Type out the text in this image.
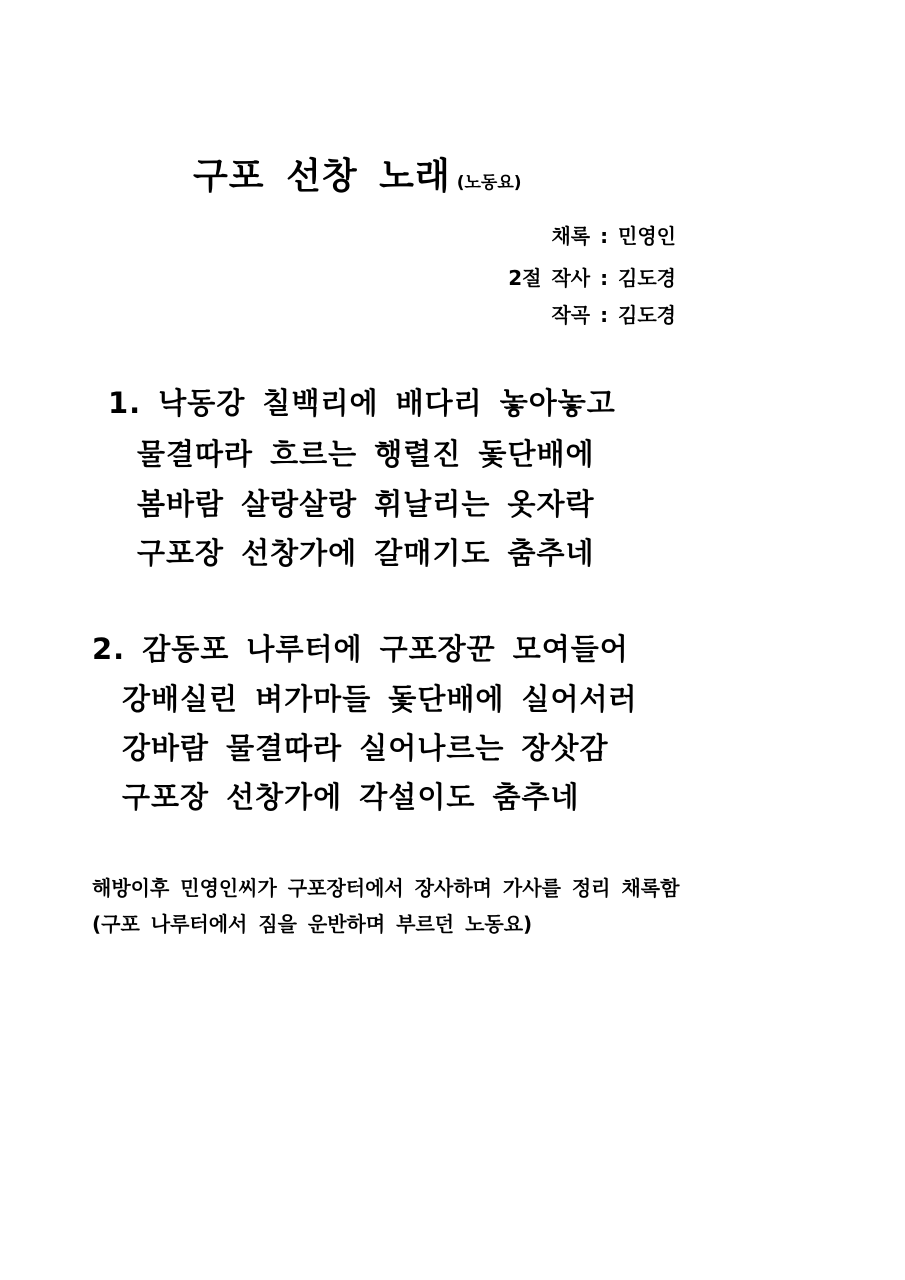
구포 선창 노래 (노동요)
채록 : 민영인
2절 작사 : 김도경
작곡 : 김도경
1. 낙동강 칠백리에 배다리 놓아놓고
물결따라 흐르는 행렬진 돛단배에
봄바람 살랑살랑 휘날리는 옷자락
구포장 선창가에 갈매기도 춤추네
2. 감동포 나루터에 구포장꾼 모여들어
강배실린 벼가마들 돛단배에 실어서러
강바람 물결따라 실어나르는 장삿감
구포장 선창가에 각설이도 춤추네
해방이후 민영인씨가 구포장터에서 장사하며 가사를 정리 채록함
(구포 나루터에서 짐을 운반하며 부르던 노동요)
